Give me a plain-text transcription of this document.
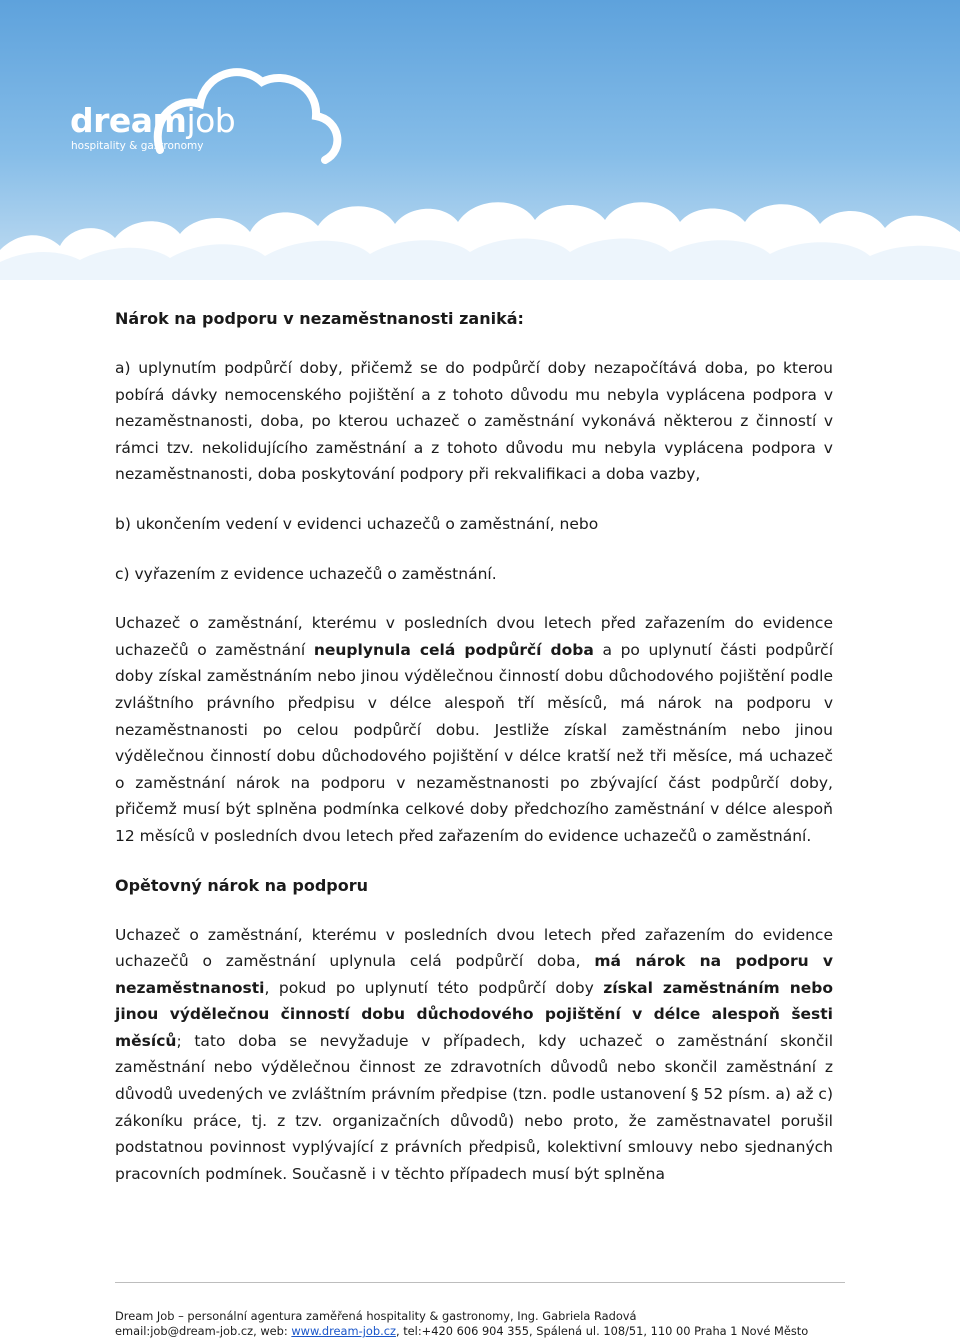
dreamjob
hospitality & gastronomy
Nárok na podporu v nezaměstnanosti zaniká:

a) uplynutím podpůrčí doby, přičemž se do podpůrčí doby nezapočítává doba, po kterou pobírá dávky nemocenského pojištění a z tohoto důvodu mu nebyla vyplácena podpora v nezaměstnanosti, doba, po kterou uchazeč o zaměstnání vykonává některou z činností v rámci tzv. nekolidujícího zaměstnání a z tohoto důvodu mu nebyla vyplácena podpora v nezaměstnanosti, doba poskytování podpory při rekvalifikaci a doba vazby,

b) ukončením vedení v evidenci uchazečů o zaměstnání, nebo

c) vyřazením z evidence uchazečů o zaměstnání.

Uchazeč o zaměstnání, kterému v posledních dvou letech před zařazením do evidence uchazečů o zaměstnání neuplynula celá podpůrčí doba a po uplynutí části podpůrčí doby získal zaměstnáním nebo jinou výdělečnou činností dobu důchodového pojištění podle zvláštního právního předpisu v délce alespoň tří měsíců, má nárok na podporu v nezaměstnanosti po celou podpůrčí dobu. Jestliže získal zaměstnáním nebo jinou výdělečnou činností dobu důchodového pojištění v délce kratší než tři měsíce, má uchazeč o zaměstnání nárok na podporu v nezaměstnanosti po zbývající část podpůrčí doby, přičemž musí být splněna podmínka celkové doby předchozího zaměstnání v délce alespoň 12 měsíců v posledních dvou letech před zařazením do evidence uchazečů o zaměstnání.

Opětovný nárok na podporu

Uchazeč o zaměstnání, kterému v posledních dvou letech před zařazením do evidence uchazečů o zaměstnání uplynula celá podpůrčí doba, má nárok na podporu v nezaměstnanosti, pokud po uplynutí této podpůrčí doby získal zaměstnáním nebo jinou výdělečnou činností dobu důchodového pojištění v délce alespoň šesti měsíců; tato doba se nevyžaduje v případech, kdy uchazeč o zaměstnání skončil zaměstnání nebo výdělečnou činnost ze zdravotních důvodů nebo skončil zaměstnání z důvodů uvedených ve zvláštním právním předpise (tzn. podle ustanovení § 52 písm. a) až c) zákoníku práce, tj. z tzv. organizačních důvodů) nebo proto, že zaměstnavatel porušil podstatnou povinnost vyplývající z právních předpisů, kolektivní smlouvy nebo sjednaných pracovních podmínek. Současně i v těchto případech musí být splněna

Dream Job – personální agentura zaměřená hospitality & gastronomy, Ing. Gabriela Radová
email:job@dream-job.cz, web: www.dream-job.cz, tel:+420 606 904 355, Spálená ul. 108/51, 110 00 Praha 1 Nové Město
